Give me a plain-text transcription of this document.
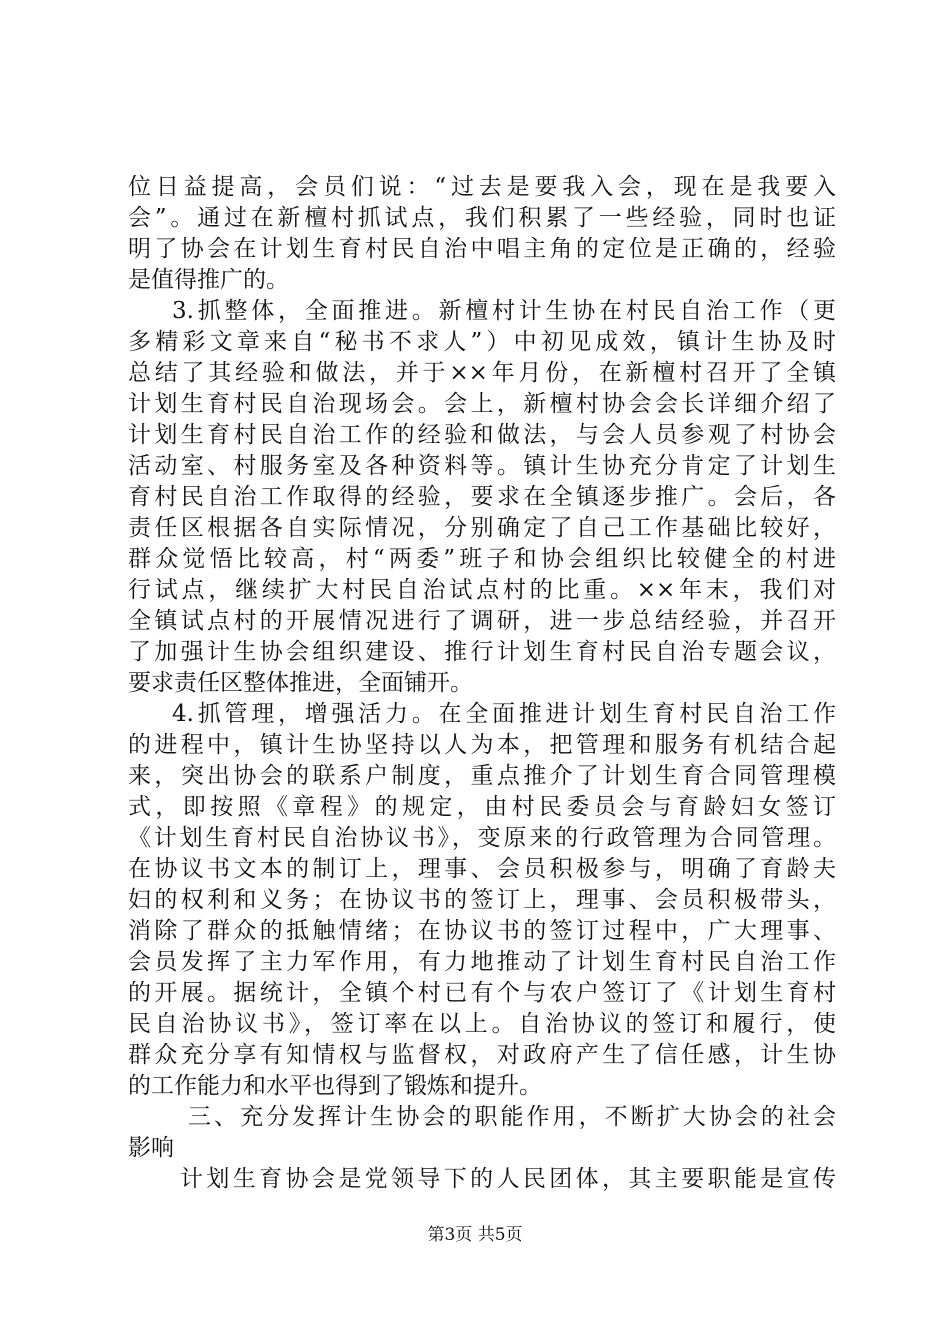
位日益提高，会员们说：“过去是要我入会，现在是我要入
会”。通过在新檀村抓试点，我们积累了一些经验，同时也证
明了协会在计划生育村民自治中唱主角的定位是正确的，经验
是值得推广的。
3.抓整体，全面推进。新檀村计生协在村民自治工作（更
多精彩文章来自“秘书不求人”）中初见成效，镇计生协及时
总结了其经验和做法，并于××年月份，在新檀村召开了全镇
计划生育村民自治现场会。会上，新檀村协会会长详细介绍了
计划生育村民自治工作的经验和做法，与会人员参观了村协会
活动室、村服务室及各种资料等。镇计生协充分肯定了计划生
育村民自治工作取得的经验，要求在全镇逐步推广。会后，各
责任区根据各自实际情况，分别确定了自己工作基础比较好，
群众觉悟比较高，村“两委”班子和协会组织比较健全的村进
行试点，继续扩大村民自治试点村的比重。××年末，我们对
全镇试点村的开展情况进行了调研，进一步总结经验，并召开
了加强计生协会组织建设、推行计划生育村民自治专题会议，
要求责任区整体推进，全面铺开。
4.抓管理，增强活力。在全面推进计划生育村民自治工作
的进程中，镇计生协坚持以人为本，把管理和服务有机结合起
来，突出协会的联系户制度，重点推介了计划生育合同管理模
式，即按照《章程》的规定，由村民委员会与育龄妇女签订
《计划生育村民自治协议书》，变原来的行政管理为合同管理。
在协议书文本的制订上，理事、会员积极参与，明确了育龄夫
妇的权利和义务；在协议书的签订上，理事、会员积极带头，
消除了群众的抵触情绪；在协议书的签订过程中，广大理事、
会员发挥了主力军作用，有力地推动了计划生育村民自治工作
的开展。据统计，全镇个村已有个与农户签订了《计划生育村
民自治协议书》，签订率在以上。自治协议的签订和履行，使
群众充分享有知情权与监督权，对政府产生了信任感，计生协
的工作能力和水平也得到了锻炼和提升。
三、充分发挥计生协会的职能作用，不断扩大协会的社会
影响
计划生育协会是党领导下的人民团体，其主要职能是宣传
第3页 共5页
